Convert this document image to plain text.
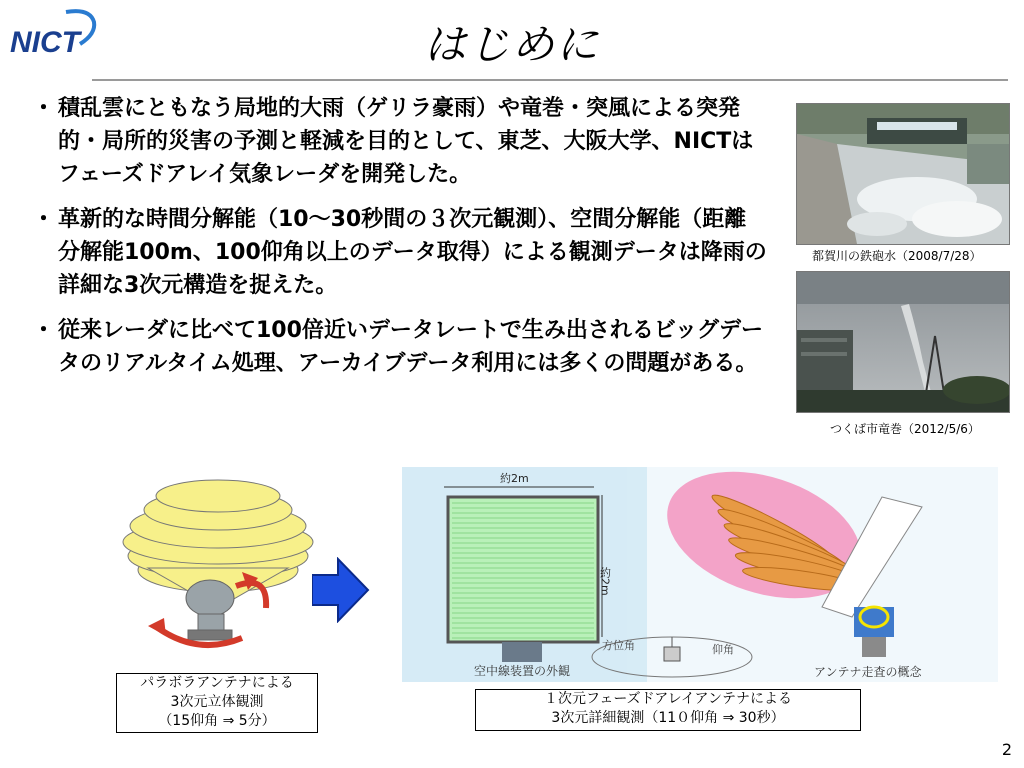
NICT	はじめに
・ 積乱雲にともなう局地的大雨（ゲリラ豪雨）や竜巻・突風による突発的・局所的災害の予測と軽減を目的として、東芝、大阪大学、NICTはフェーズドアレイ気象レーダを開発した。
・ 革新的な時間分解能（10～30秒間の３次元観測）、空間分解能（距離分解能100m、100仰角以上のデータ取得）による観測データは降雨の詳細な3次元構造を捉えた。
・ 従来レーダに比べて100倍近いデータレートで生み出されるビッグデータのリアルタイム処理、アーカイブデータ利用には多くの問題がある。
都賀川の鉄砲水（2008/7/28）
つくば市竜巻（2012/5/6）
約2m
約2m
空中線装置の外観	アンテナ走査の概念
方位角	仰角
パラボラアンテナによる
3次元立体観測
（15仰角 ⇒ 5分）
１次元フェーズドアレイアンテナによる
3次元詳細観測（11０仰角 ⇒ 30秒）
2
